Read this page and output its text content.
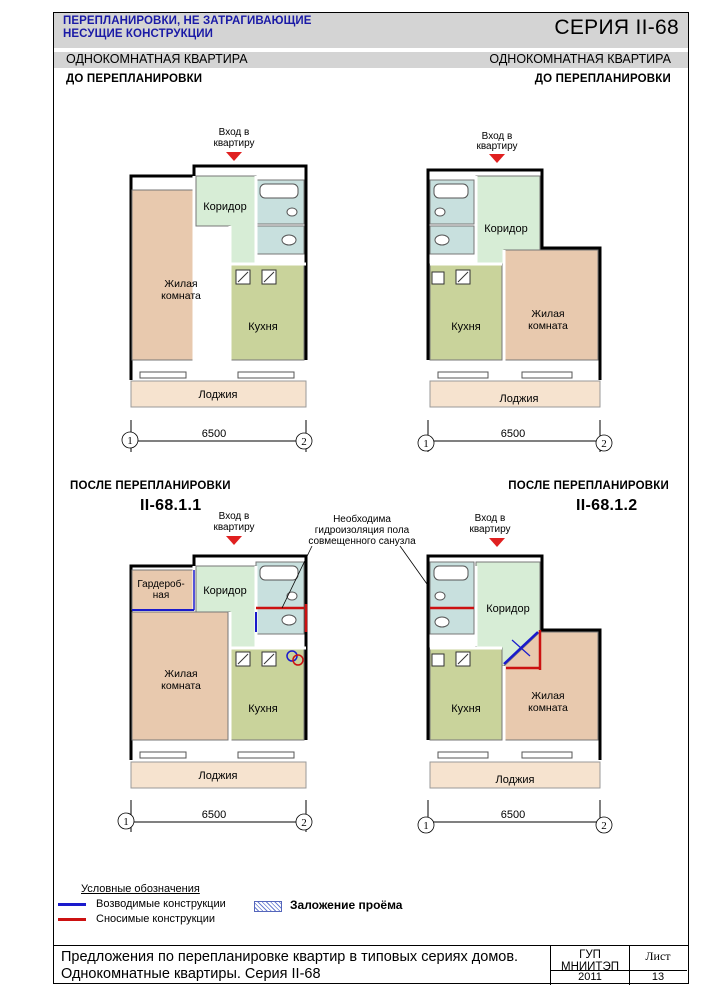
ПЕРЕПЛАНИРОВКИ, НЕ ЗАТРАГИВАЮЩИЕ
НЕСУЩИЕ КОНСТРУКЦИИ	СЕРИЯ II-68
ОДНОКОМНАТНАЯ КВАРТИРА	ОДНОКОМНАТНАЯ КВАРТИРА
ДО ПЕРЕПЛАНИРОВКИ	ДО ПЕРЕПЛАНИРОВКИ
ПОСЛЕ ПЕРЕПЛАНИРОВКИ	ПОСЛЕ ПЕРЕПЛАНИРОВКИ
II-68.1.1	II-68.1.2
Вход в
квартиру
Коридор
Жилая
комната
Кухня
Лоджия
6500
1	2
Вход в
квартиру
Коридор
Кухня
Жилая
комната
Лоджия
6500
1	2
Вход в
квартиру
Гардероб-
ная	Коридор
Жилая
комната
Кухня
Лоджия
6500
1	2
Необходима
гидроизоляция пола
совмещенного санузла
Вход в
квартиру
Коридор
Кухня
Жилая
комната
Лоджия
6500
1	2
Условные обозначения
Возводимые конструкции
Сносимые конструкции
Заложение проёма
Предложения по перепланировке квартир в типовых сериях домов.
Однокомнатные квартиры. Серия II-68
ГУП МНИИТЭП
2011
Лист
13
